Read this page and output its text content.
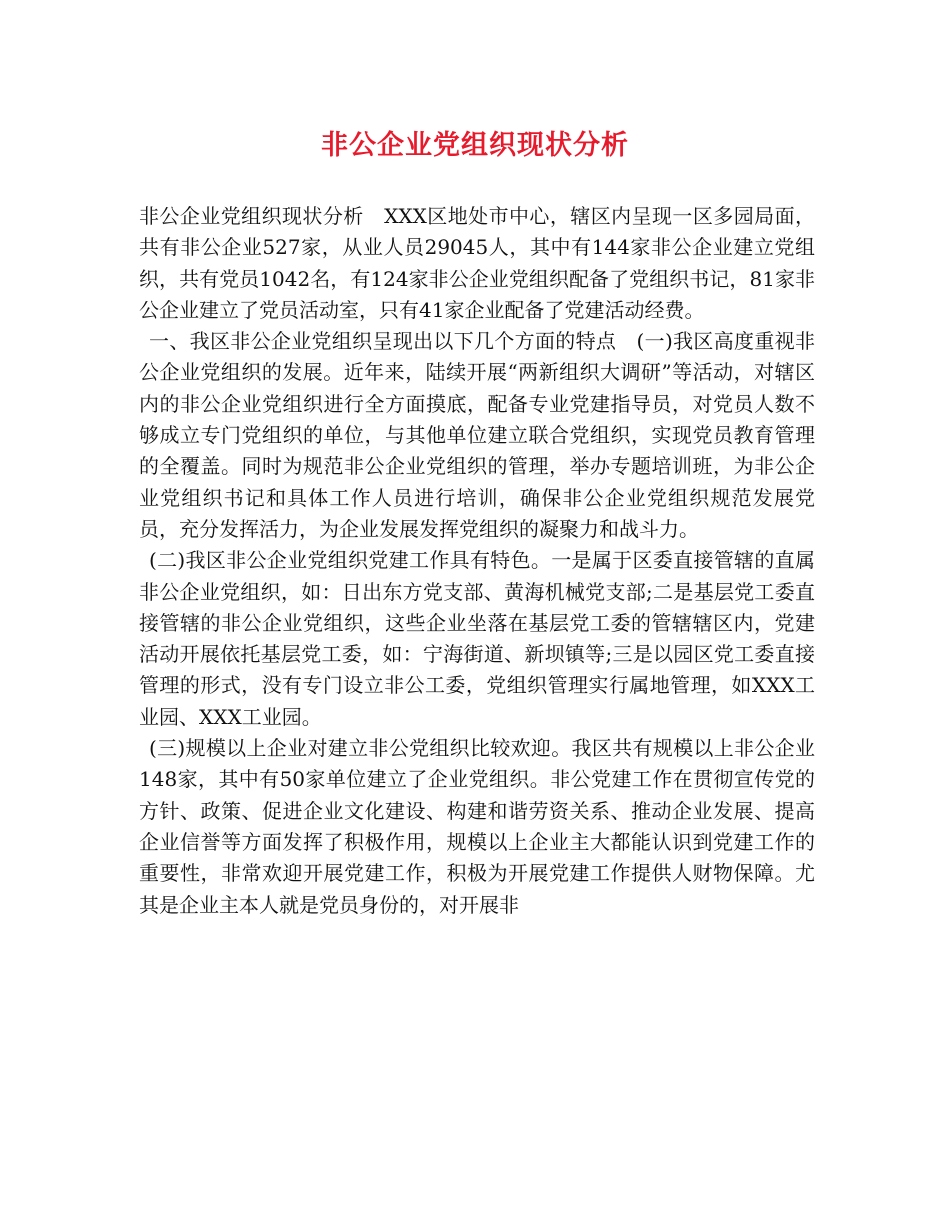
非公企业党组织现状分析

非公企业党组织现状分析　XXX区地处市中心，辖区内呈现一区多园局面，共有非公企业527家，从业人员29045人，其中有144家非公企业建立党组织，共有党员1042名，有124家非公企业党组织配备了党组织书记，81家非公企业建立了党员活动室，只有41家企业配备了党建活动经费。

一、我区非公企业党组织呈现出以下几个方面的特点　(一)我区高度重视非公企业党组织的发展。近年来，陆续开展“两新组织大调研”等活动，对辖区内的非公企业党组织进行全方面摸底，配备专业党建指导员，对党员人数不够成立专门党组织的单位，与其他单位建立联合党组织，实现党员教育管理的全覆盖。同时为规范非公企业党组织的管理，举办专题培训班，为非公企业党组织书记和具体工作人员进行培训，确保非公企业党组织规范发展党员，充分发挥活力，为企业发展发挥党组织的凝聚力和战斗力。

(二)我区非公企业党组织党建工作具有特色。一是属于区委直接管辖的直属非公企业党组织，如：日出东方党支部、黄海机械党支部;二是基层党工委直接管辖的非公企业党组织，这些企业坐落在基层党工委的管辖辖区内，党建活动开展依托基层党工委，如：宁海街道、新坝镇等;三是以园区党工委直接管理的形式，没有专门设立非公工委，党组织管理实行属地管理，如XXX工业园、XXX工业园。

(三)规模以上企业对建立非公党组织比较欢迎。我区共有规模以上非公企业148家，其中有50家单位建立了企业党组织。非公党建工作在贯彻宣传党的方针、政策、促进企业文化建设、构建和谐劳资关系、推动企业发展、提高企业信誉等方面发挥了积极作用，规模以上企业主大都能认识到党建工作的重要性，非常欢迎开展党建工作，积极为开展党建工作提供人财物保障。尤其是企业主本人就是党员身份的，对开展非
